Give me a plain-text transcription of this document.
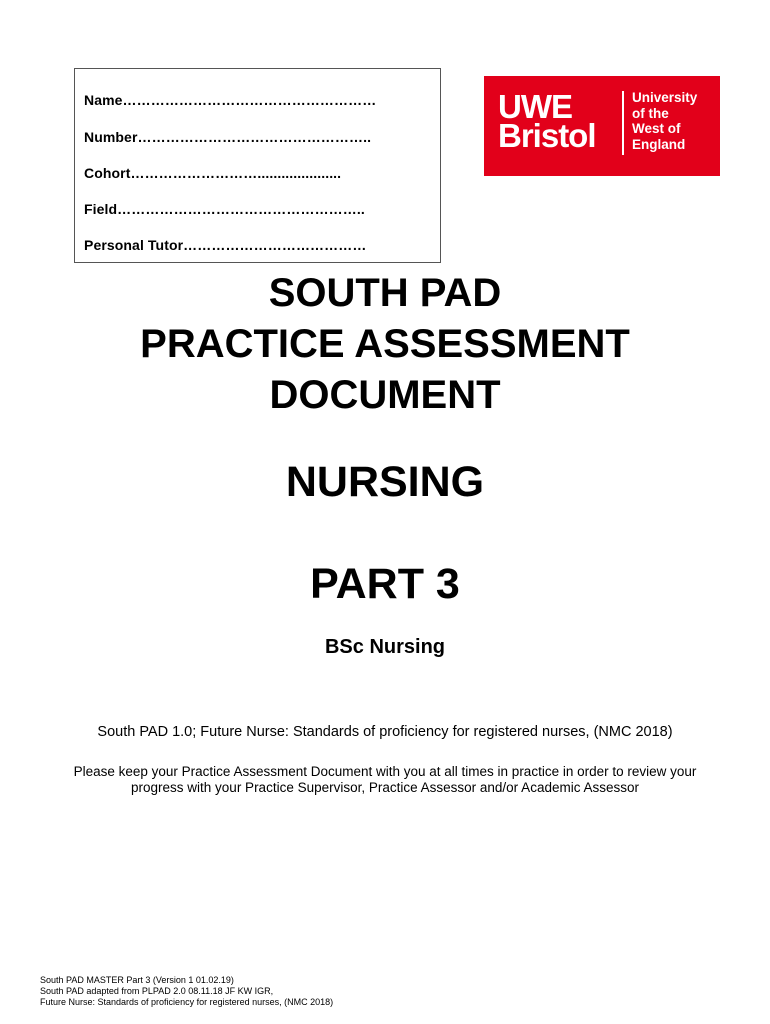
Name………………………………………………
Number…………………………………………..
Cohort……………………….....................
Field……………………………………………..
Personal Tutor…………………………………
UWE
Bristol
University
of the
West of
England
SOUTH PAD
PRACTICE ASSESSMENT
DOCUMENT
NURSING
PART 3
BSc Nursing
South PAD 1.0; Future Nurse: Standards of proficiency for registered nurses, (NMC 2018)
Please keep your Practice Assessment Document with you at all times in practice in order to review your
progress with your Practice Supervisor, Practice Assessor and/or Academic Assessor
South PAD MASTER Part 3 (Version 1 01.02.19)
South PAD adapted from PLPAD 2.0 08.11.18 JF KW IGR,
Future Nurse: Standards of proficiency for registered nurses, (NMC 2018)
